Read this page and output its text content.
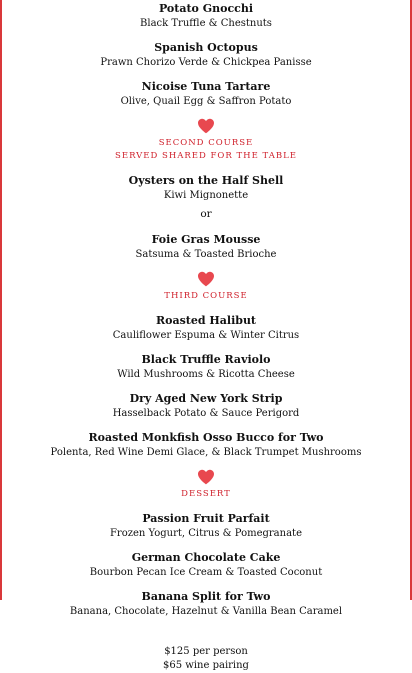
Potato Gnocchi
Black Truffle & Chestnuts
Spanish Octopus
Prawn Chorizo Verde & Chickpea Panisse
Nicoise Tuna Tartare
Olive, Quail Egg & Saffron Potato
SECOND COURSE
SERVED SHARED FOR THE TABLE
Oysters on the Half Shell
Kiwi Mignonette
or
Foie Gras Mousse
Satsuma & Toasted Brioche
THIRD COURSE
Roasted Halibut
Cauliflower Espuma & Winter Citrus
Black Truffle Raviolo
Wild Mushrooms & Ricotta Cheese
Dry Aged New York Strip
Hasselback Potato & Sauce Perigord
Roasted Monkfish Osso Bucco for Two
Polenta, Red Wine Demi Glace, & Black Trumpet Mushrooms
DESSERT
Passion Fruit Parfait
Frozen Yogurt, Citrus & Pomegranate
German Chocolate Cake
Bourbon Pecan Ice Cream & Toasted Coconut
Banana Split for Two
Banana, Chocolate, Hazelnut & Vanilla Bean Caramel
$125 per person
$65 wine pairing
